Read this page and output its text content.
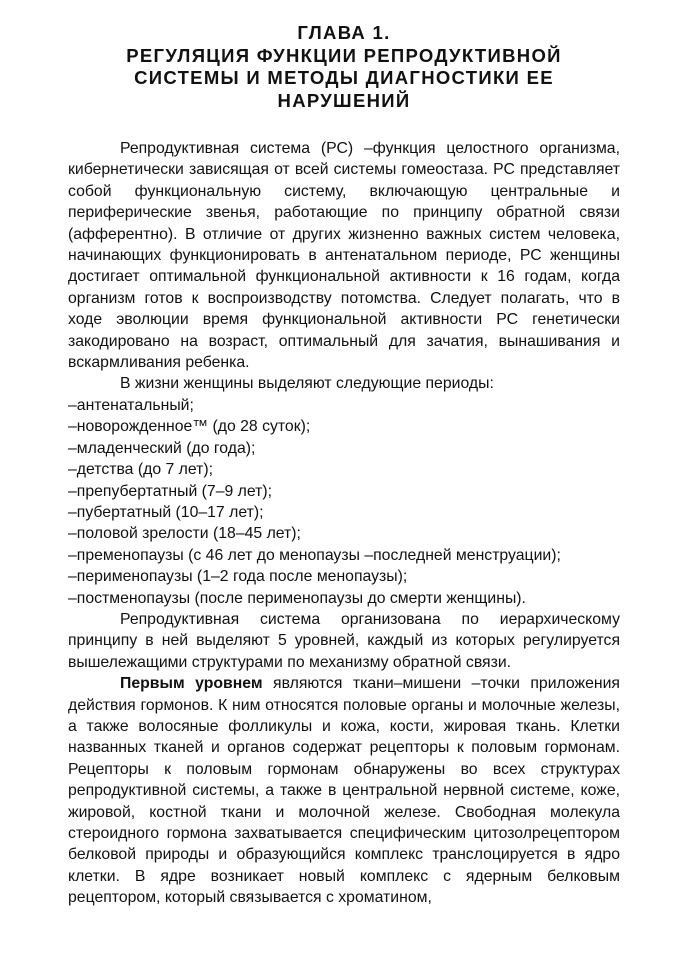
ГЛАВА 1.
РЕГУЛЯЦИЯ ФУНКЦИИ РЕПРОДУКТИВНОЙ
СИСТЕМЫ И МЕТОДЫ ДИАГНОСТИКИ ЕЕ
НАРУШЕНИЙ

Репродуктивная система (РС) –функция целостного организма, кибернетически зависящая от всей системы гомеостаза. РС представляет собой функциональную систему, включающую центральные и периферические звенья, работающие по принципу обратной связи (афферентно). В отличие от других жизненно важных систем человека, начинающих функционировать в антенатальном периоде, РС женщины достигает оптимальной функциональной активности к 16 годам, когда организм готов к воспроизводству потомства. Следует полагать, что в ходе эволюции время функциональной активности РС генетически закодировано на возраст, оптимальный для зачатия, вынашивания и вскармливания ребенка.

В жизни женщины выделяют следующие периоды:

–антенатальный;
–новорожденное™ (до 28 суток);
–младенческий (до года);
–детства (до 7 лет);
–препубертатный (7–9 лет);
–пубертатный (10–17 лет);
–половой зрелости (18–45 лет);
–пременопаузы (с 46 лет до менопаузы –последней менструации);
–перименопаузы (1–2 года после менопаузы);
–постменопаузы (после перименопаузы до смерти женщины).

Репродуктивная система организована по иерархическому принципу в ней выделяют 5 уровней, каждый из которых регулируется вышележащими структурами по механизму обратной связи.

Первым уровнем являются ткани–мишени –точки приложения действия гормонов. К ним относятся половые органы и молочные железы, а также волосяные фолликулы и кожа, кости, жировая ткань. Клетки названных тканей и органов содержат рецепторы к половым гормонам. Рецепторы к половым гормонам обнаружены во всех структурах репродуктивной системы, а также в центральной нервной системе, коже, жировой, костной ткани и молочной железе. Свободная молекула стероидного гормона захватывается специфическим цитозолрецептором белковой природы и образующийся комплекс транслоцируется в ядро клетки. В ядре возникает новый комплекс с ядерным белковым рецептором, который связывается с хроматином,
